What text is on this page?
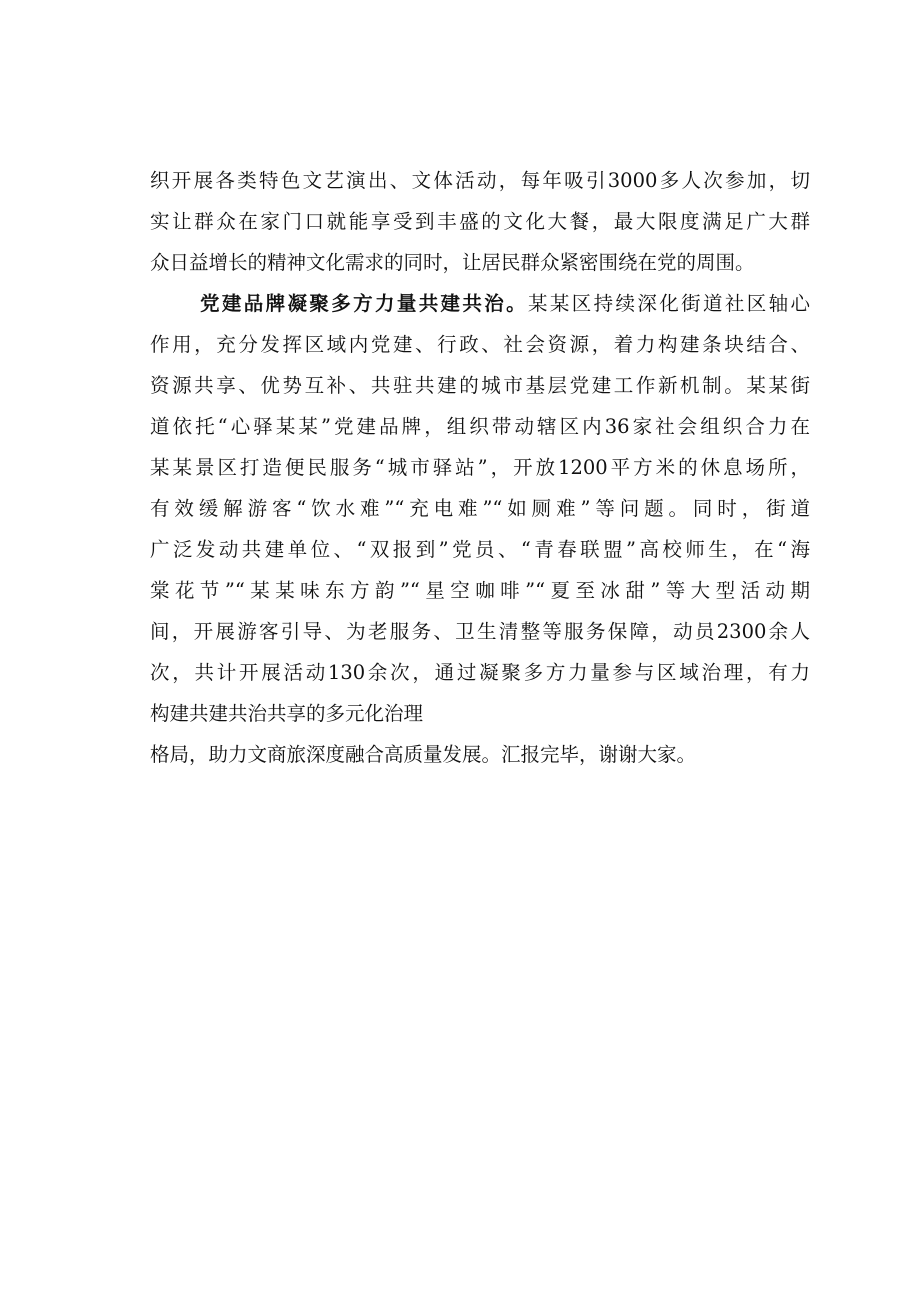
织开展各类特色文艺演出、文体活动，每年吸引3000多人次参加，切
实让群众在家门口就能享受到丰盛的文化大餐，最大限度满足广大群
众日益增长的精神文化需求的同时，让居民群众紧密围绕在党的周围。
党建品牌凝聚多方力量共建共治。某某区持续深化街道社区轴心
作用，充分发挥区域内党建、行政、社会资源，着力构建条块结合、
资源共享、优势互补、共驻共建的城市基层党建工作新机制。某某街
道依托“心驿某某”党建品牌，组织带动辖区内36家社会组织合力在
某某景区打造便民服务“城市驿站”，开放1200平方米的休息场所，
有效缓解游客“饮水难”“充电难”“如厕难”等问题。同时，街道
广泛发动共建单位、“双报到”党员、“青春联盟”高校师生，在“海
棠花节”“某某味东方韵”“星空咖啡”“夏至冰甜”等大型活动期
间，开展游客引导、为老服务、卫生清整等服务保障，动员2300余人
次，共计开展活动130余次，通过凝聚多方力量参与区域治理，有力
构建共建共治共享的多元化治理
格局，助力文商旅深度融合高质量发展。汇报完毕，谢谢大家。
